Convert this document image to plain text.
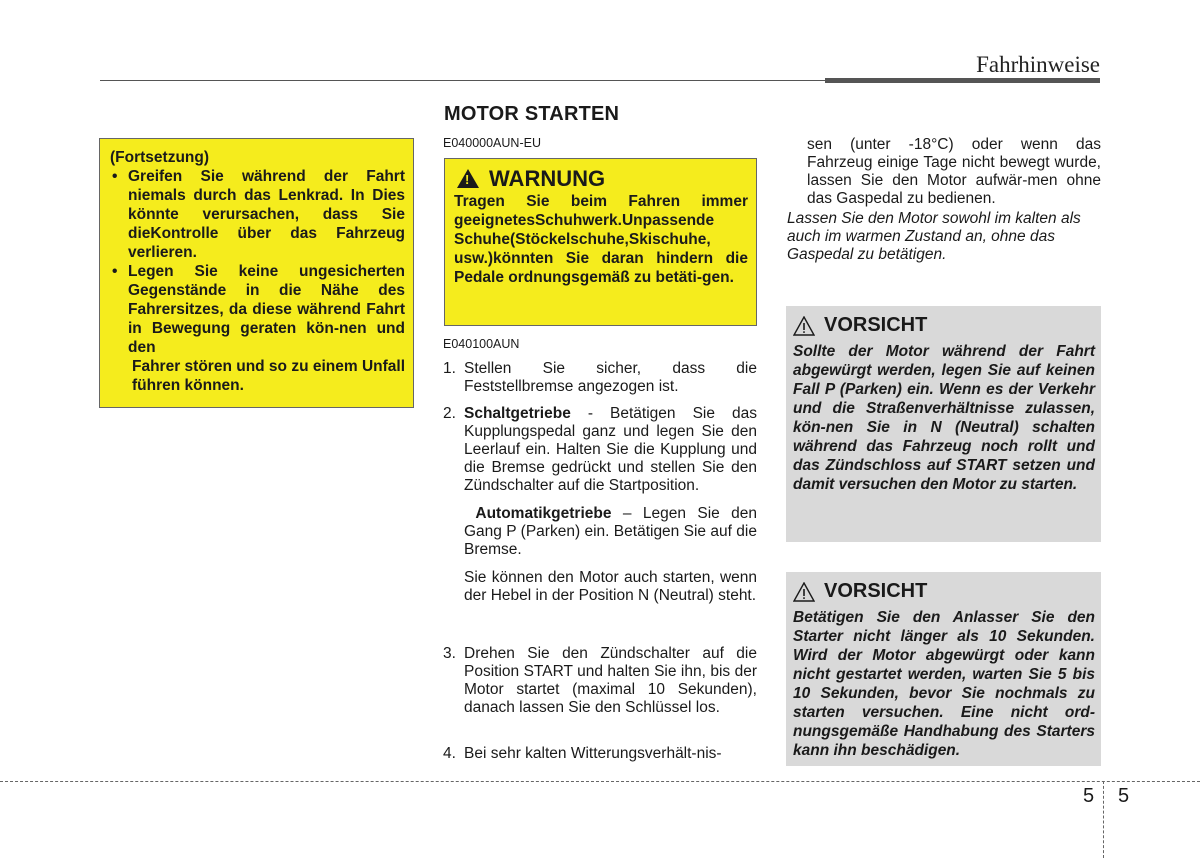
Fahrhinweise
(Fortsetzung)
• Greifen Sie während der Fahrt niemals durch das Lenkrad. In Dies könnte verursachen, dass Sie dieKontrolle über das Fahrzeug verlieren.
• Legen Sie keine ungesicherten Gegenstände in die Nähe des Fahrersitzes, da diese während Fahrt in Bewegung geraten kön-nen und den
Fahrer stören und so zu einem Unfall führen können.
MOTOR STARTEN
E040000AUN-EU
! WARNUNG
Tragen Sie beim Fahren immer geeignetesSchuhwerk.Unpassende Schuhe(Stöckelschuhe,Skischuhe, usw.)könnten Sie daran hindern die Pedale ordnungsgemäß zu betäti-gen.
E040100AUN
1. Stellen Sie sicher, dass die Feststellbremse angezogen ist.

2. Schaltgetriebe - Betätigen Sie das Kupplungspedal ganz und legen Sie den Leerlauf ein. Halten Sie die Kupplung und die Bremse gedrückt und stellen Sie den Zündschalter auf die Startposition.

Automatikgetriebe – Legen Sie den Gang P (Parken) ein. Betätigen Sie auf die Bremse.

Sie können den Motor auch starten, wenn der Hebel in der Position N (Neutral) steht.

3. Drehen Sie den Zündschalter auf die Position START und halten Sie ihn, bis der Motor startet (maximal 10 Sekunden), danach lassen Sie den Schlüssel los.

4. Bei sehr kalten Witterungsverhält-nis-

sen (unter -18°C) oder wenn das Fahrzeug einige Tage nicht bewegt wurde, lassen Sie den Motor aufwär-men ohne das Gaspedal zu bedienen.
Lassen Sie den Motor sowohl im kalten als auch im warmen Zustand an, ohne das Gaspedal zu betätigen.
VORSICHT
Sollte der Motor während der Fahrt abgewürgt werden, legen Sie auf keinen Fall P (Parken) ein. Wenn es der Verkehr und die Straßenverhältnisse zulassen, kön-nen Sie in N (Neutral) schalten während das Fahrzeug noch rollt und das Zündschloss auf START setzen und damit versuchen den Motor zu starten.
VORSICHT
Betätigen Sie den Anlasser Sie den Starter nicht länger als 10 Sekunden. Wird der Motor abgewürgt oder kann nicht gestartet werden, warten Sie 5 bis 10 Sekunden, bevor Sie nochmals zu starten versuchen. Eine nicht ord-nungsgemäße Handhabung des Starters kann ihn beschädigen.
5 5
